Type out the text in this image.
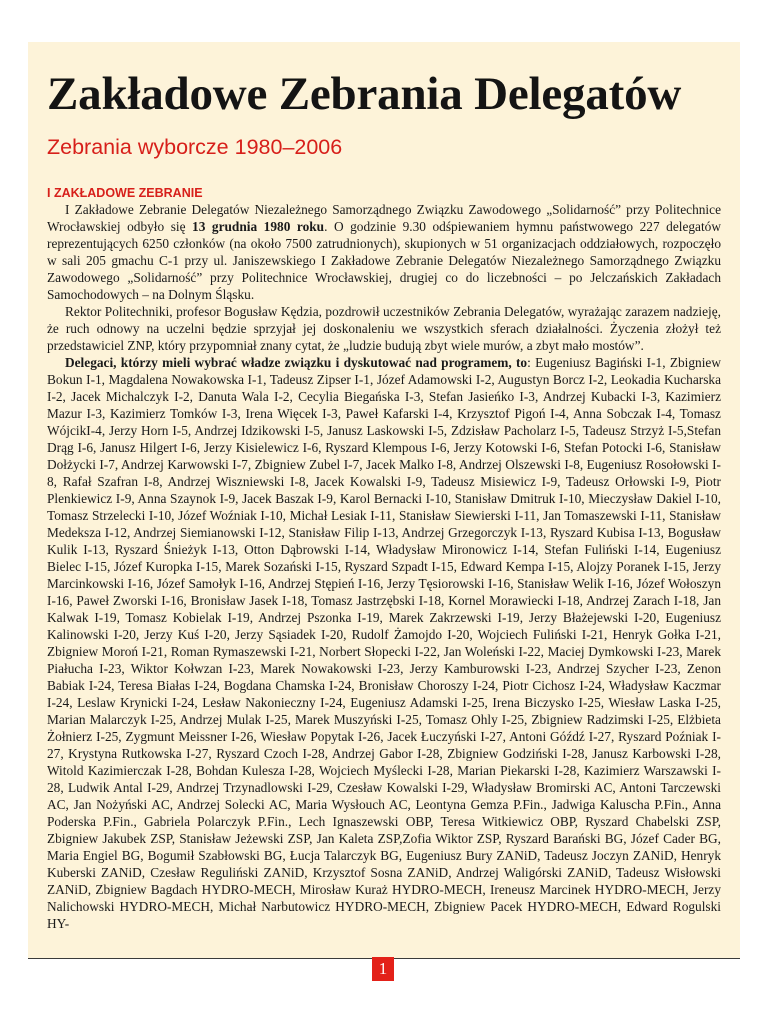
Zakładowe Zebrania Delegatów
Zebrania wyborcze 1980–2006
I ZAKŁADOWE ZEBRANIE

I Zakładowe Zebranie Delegatów Niezależnego Samorządnego Związku Zawodowego „Solidarność” przy Politechnice Wrocławskiej odbyło się 13 grudnia 1980 roku. O godzinie 9.30 odśpiewaniem hymnu państwowego 227 delegatów reprezentujących 6250 członków (na około 7500 zatrudnionych), skupionych w 51 organizacjach oddziałowych, rozpoczęło w sali 205 gmachu C-1 przy ul. Janiszewskiego I Zakładowe Zebranie Delegatów Niezależnego Samorządnego Związku Zawodowego „Solidarność” przy Politechnice Wrocławskiej, drugiej co do liczebności – po Jelczańskich Zakładach Samochodowych – na Dolnym Śląsku.

Rektor Politechniki, profesor Bogusław Kędzia, pozdrowił uczestników Zebrania Delegatów, wyrażając zarazem nadzieję, że ruch odnowy na uczelni będzie sprzyjał jej doskonaleniu we wszystkich sferach działalności. Życzenia złożył też przedstawiciel ZNP, który przypomniał znany cytat, że „ludzie budują zbyt wiele murów, a zbyt mało mostów”.

Delegaci, którzy mieli wybrać władze związku i dyskutować nad programem, to: Eugeniusz Bagiński I-1, Zbigniew Bokun I-1, Magdalena Nowakowska I-1, Tadeusz Zipser I-1, Józef Adamowski I-2, Augustyn Borcz I-2, Leokadia Kucharska I-2, Jacek Michalczyk I-2, Danuta Wala I-2, Cecylia Biegańska I-3, Stefan Jasieńko I-3, Andrzej Kubacki I-3, Kazimierz Mazur I-3, Kazimierz Tomków I-3, Irena Więcek I-3, Paweł Kafarski I-4, Krzysztof Pigoń I-4, Anna Sobczak I-4, Tomasz WójcikI-4, Jerzy Horn I-5, Andrzej Idzikowski I-5, Janusz Laskowski I-5, Zdzisław Pacholarz I-5, Tadeusz Strzyż I-5,Stefan Drąg I-6, Janusz Hilgert I-6, Jerzy Kisielewicz I-6, Ryszard Klempous I-6, Jerzy Kotowski I-6, Stefan Potocki I-6, Stanisław Dołżycki I-7, Andrzej Karwowski I-7, Zbigniew Zubel I-7, Jacek Malko I-8, Andrzej Olszewski I-8, Eugeniusz Rosołowski I-8, Rafał Szafran I-8, Andrzej Wiszniewski I-8, Jacek Kowalski I-9, Tadeusz Misiewicz I-9, Tadeusz Orłowski I-9, Piotr Plenkiewicz I-9, Anna Szaynok I-9, Jacek Baszak I-9, Karol Bernacki I-10, Stanisław Dmitruk I-10, Mieczysław Dakiel I-10, Tomasz Strzelecki I-10, Józef Woźniak I-10, Michał Lesiak I-11, Stanisław Siewierski I-11, Jan Tomaszewski I-11, Stanisław Medeksza I-12, Andrzej Siemianowski I-12, Stanisław Filip I-13, Andrzej Grzegorczyk I-13, Ryszard Kubisa I-13, Bogusław Kulik I-13, Ryszard Śnieżyk I-13, Otton Dąbrowski I-14, Władysław Mironowicz I-14, Stefan Fuliński I-14, Eugeniusz Bielec I-15, Józef Kuropka I-15, Marek Sozański I-15, Ryszard Szpadt I-15, Edward Kempa I-15, Alojzy Poranek I-15, Jerzy Marcinkowski I-16, Józef Samołyk I-16, Andrzej Stępień I-16, Jerzy Tęsiorowski I-16, Stanisław Welik I-16, Józef Wołoszyn I-16, Paweł Zworski I-16, Bronisław Jasek I-18, Tomasz Jastrzębski I-18, Kornel Morawiecki I-18, Andrzej Zarach I-18, Jan Kalwak I-19, Tomasz Kobielak I-19, Andrzej Pszonka I-19, Marek Zakrzewski I-19, Jerzy Błażejewski I-20, Eugeniusz Kalinowski I-20, Jerzy Kuś I-20, Jerzy Sąsiadek I-20, Rudolf Żamojdo I-20, Wojciech Fuliński I-21, Henryk Gołka I-21, Zbigniew Moroń I-21, Roman Rymaszewski I-21, Norbert Słopecki I-22, Jan Woleński I-22, Maciej Dymkowski I-23, Marek Piałucha I-23, Wiktor Kołwzan I-23, Marek Nowakowski I-23, Jerzy Kamburowski I-23, Andrzej Szycher I-23, Zenon Babiak I-24, Teresa Białas I-24, Bogdana Chamska I-24, Bronisław Choroszy I-24, Piotr Cichosz I-24, Władysław Kaczmar I-24, Leslaw Krynicki I-24, Lesław Nakonieczny I-24, Eugeniusz Adamski I-25, Irena Biczysko I-25, Wiesław Laska I-25, Marian Malarczyk I-25, Andrzej Mulak I-25, Marek Muszyński I-25, Tomasz Ohly I-25, Zbigniew Radzimski I-25, Elżbieta Żołnierz I-25, Zygmunt Meissner I-26, Wiesław Popytak I-26, Jacek Łuczyński I-27, Antoni Góźdź I-27, Ryszard Poźniak I-27, Krystyna Rutkowska I-27, Ryszard Czoch I-28, Andrzej Gabor I-28, Zbigniew Godziński I-28, Janusz Karbowski I-28, Witold Kazimierczak I-28, Bohdan Kulesza I-28, Wojciech Myślecki I-28, Marian Piekarski I-28, Kazimierz Warszawski I-28, Ludwik Antal I-29, Andrzej Trzynadlowski I-29, Czesław Kowalski I-29, Władysław Bromirski AC, Antoni Tarczewski AC, Jan Nożyński AC, Andrzej Solecki AC, Maria Wysłouch AC, Leontyna Gemza P.Fin., Jadwiga Kaluscha P.Fin., Anna Poderska P.Fin., Gabriela Polarczyk P.Fin., Lech Ignaszewski OBP, Teresa Witkiewicz OBP, Ryszard Chabelski ZSP, Zbigniew Jakubek ZSP, Stanisław Jeżewski ZSP, Jan Kaleta ZSP,Zofia Wiktor ZSP, Ryszard Barański BG, Józef Cader BG, Maria Engiel BG, Bogumił Szabłowski BG, Łucja Talarczyk BG, Eugeniusz Bury ZANiD, Tadeusz Joczyn ZANiD, Henryk Kuberski ZANiD, Czesław Reguliński ZANiD, Krzysztof Sosna ZANiD, Andrzej Waligórski ZANiD, Tadeusz Wisłowski ZANiD, Zbigniew Bagdach HYDRO-MECH, Mirosław Kuraż HYDRO-MECH, Ireneusz Marcinek HYDRO-MECH, Jerzy Nalichowski HYDRO-MECH, Michał Narbutowicz HYDRO-MECH, Zbigniew Pacek HYDRO-MECH, Edward Rogulski HY-

1
